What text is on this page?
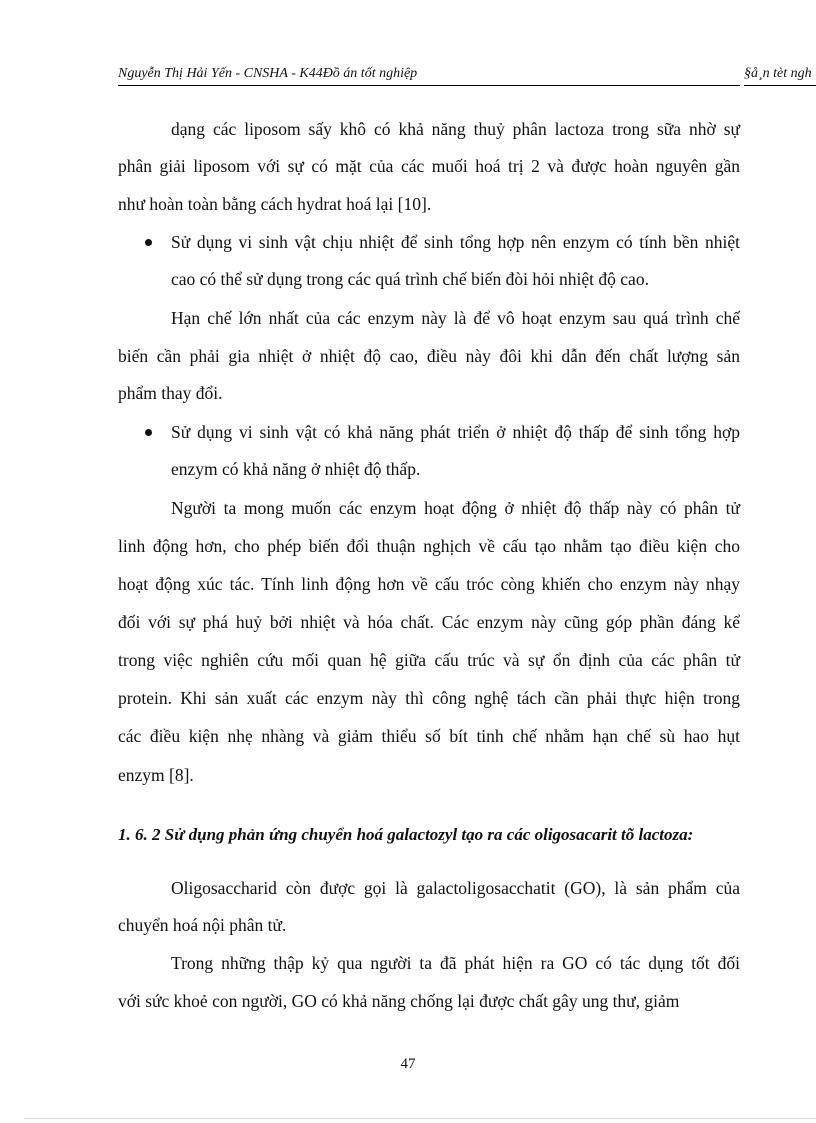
Nguyễn Thị Hải Yến - CNSHA - K44Đồ án tốt nghiệp	§å¸n tèt ngh
dạng các liposom sấy khô có khả năng thuỷ phân lactoza trong sữa nhờ sự
phân giải liposom với sự có mặt của các muối hoá trị 2 và được hoàn nguyên gần
như hoàn toàn bằng cách hydrat hoá lại [10].
Sử dụng vi sinh vật chịu nhiệt để sinh tổng hợp nên enzym có tính bền nhiệt
cao có thể sử dụng trong các quá trình chế biến đòi hỏi nhiệt độ cao.
Hạn chế lớn nhất của các enzym này là để vô hoạt enzym sau quá trình chế
biến cần phải gia nhiệt ở nhiệt độ cao, điều này đôi khi dẫn đến chất lượng sản
phẩm thay đổi.
Sử dụng vi sinh vật có khả năng phát triển ở nhiệt độ thấp để sinh tổng hợp
enzym có khả năng ở nhiệt độ thấp.
Người ta mong muốn các enzym hoạt động ở nhiệt độ thấp này có phân tử
linh động hơn, cho phép biến đổi thuận nghịch về cấu tạo nhằm tạo điều kiện cho
hoạt động xúc tác. Tính linh động hơn về cấu tróc còng khiến cho enzym này nhạy
đối với sự phá huỷ bởi nhiệt và hóa chất. Các enzym này cũng góp phần đáng kể
trong việc nghiên cứu mối quan hệ giữa cấu trúc và sự ổn định của các phân tử
protein. Khi sản xuất các enzym này thì công nghệ tách cần phải thực hiện trong
các điều kiện nhẹ nhàng và giảm thiểu số bít tinh chế nhằm hạn chế sù hao hụt
enzym [8].
1. 6. 2 Sử dụng phản ứng chuyển hoá galactozyl tạo ra các oligosacarit tõ lactoza:
Oligosaccharid còn được gọi là galactoligosacchatit (GO), là sản phẩm của
chuyển hoá nội phân tử.
Trong những thập kỷ qua người ta đã phát hiện ra GO có tác dụng tốt đối
với sức khoẻ con người, GO có khả năng chống lại được chất gây ung thư, giảm
47
